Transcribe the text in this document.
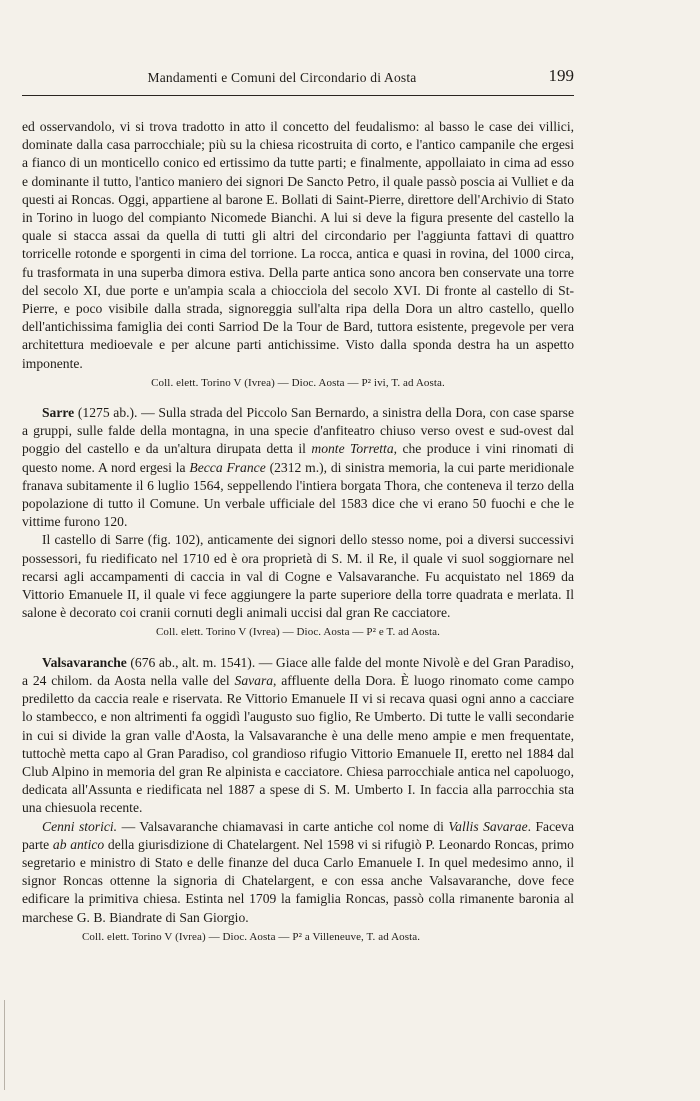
Mandamenti e Comuni del Circondario di Aosta	199

ed osservandolo, vi si trova tradotto in atto il concetto del feudalismo: al basso le case dei villici, dominate dalla casa parrocchiale; più su la chiesa ricostruita di corto, e l'antico campanile che ergesi a fianco di un monticello conico ed ertissimo da tutte parti; e finalmente, appollaiato in cima ad esso e dominante il tutto, l'antico maniero dei signori De Sancto Petro, il quale passò poscia ai Vulliet e da questi ai Roncas. Oggi, appartiene al barone E. Bollati di Saint-Pierre, direttore dell'Archivio di Stato in Torino in luogo del compianto Nicomede Bianchi. A lui si deve la figura presente del castello la quale si stacca assai da quella di tutti gli altri del circondario per l'aggiunta fattavi di quattro torricelle rotonde e sporgenti in cima del torrione. La rocca, antica e quasi in rovina, del 1000 circa, fu trasformata in una superba dimora estiva. Della parte antica sono ancora ben conservate una torre del secolo XI, due porte e un'ampia scala a chiocciola del secolo XVI. Di fronte al castello di St-Pierre, e poco visibile dalla strada, signoreggia sull'alta ripa della Dora un altro castello, quello dell'antichissima famiglia dei conti Sarriod De la Tour de Bard, tuttora esistente, pregevole per vera architettura medioevale e per alcune parti antichissime. Visto dalla sponda destra ha un aspetto imponente.

Coll. elett. Torino V (Ivrea) — Dioc. Aosta — P² ivi, T. ad Aosta.

Sarre (1275 ab.). — Sulla strada del Piccolo San Bernardo, a sinistra della Dora, con case sparse a gruppi, sulle falde della montagna, in una specie d'anfiteatro chiuso verso ovest e sud-ovest dal poggio del castello e da un'altura dirupata detta il monte Torretta, che produce i vini rinomati di questo nome. A nord ergesi la Becca France (2312 m.), di sinistra memoria, la cui parte meridionale franava subitamente il 6 luglio 1564, seppellendo l'intiera borgata Thora, che conteneva il terzo della popolazione di tutto il Comune. Un verbale ufficiale del 1583 dice che vi erano 50 fuochi e che le vittime furono 120.

Il castello di Sarre (fig. 102), anticamente dei signori dello stesso nome, poi a diversi successivi possessori, fu riedificato nel 1710 ed è ora proprietà di S. M. il Re, il quale vi suol soggiornare nel recarsi agli accampamenti di caccia in val di Cogne e Valsavaranche. Fu acquistato nel 1869 da Vittorio Emanuele II, il quale vi fece aggiungere la parte superiore della torre quadrata e merlata. Il salone è decorato coi cranii cornuti degli animali uccisi dal gran Re cacciatore.

Coll. elett. Torino V (Ivrea) — Dioc. Aosta — P² e T. ad Aosta.

Valsavaranche (676 ab., alt. m. 1541). — Giace alle falde del monte Nivolè e del Gran Paradiso, a 24 chilom. da Aosta nella valle del Savara, affluente della Dora. È luogo rinomato come campo prediletto da caccia reale e riservata. Re Vittorio Emanuele II vi si recava quasi ogni anno a cacciare lo stambecco, e non altrimenti fa oggidì l'augusto suo figlio, Re Umberto. Di tutte le valli secondarie in cui si divide la gran valle d'Aosta, la Valsavaranche è una delle meno ampie e men frequentate, tuttochè metta capo al Gran Paradiso, col grandioso rifugio Vittorio Emanuele II, eretto nel 1884 dal Club Alpino in memoria del gran Re alpinista e cacciatore. Chiesa parrocchiale antica nel capoluogo, dedicata all'Assunta e riedificata nel 1887 a spese di S. M. Umberto I. In faccia alla parrocchia sta una chiesuola recente.

Cenni storici. — Valsavaranche chiamavasi in carte antiche col nome di Vallis Savarae. Faceva parte ab antico della giurisdizione di Chatelargent. Nel 1598 vi si rifugiò P. Leonardo Roncas, primo segretario e ministro di Stato e delle finanze del duca Carlo Emanuele I. In quel medesimo anno, il signor Roncas ottenne la signoria di Chatelargent, e con essa anche Valsavaranche, dove fece edificare la primitiva chiesa. Estinta nel 1709 la famiglia Roncas, passò colla rimanente baronia al marchese G. B. Biandrate di San Giorgio.

Coll. elett. Torino V (Ivrea) — Dioc. Aosta — P² a Villeneuve, T. ad Aosta.
